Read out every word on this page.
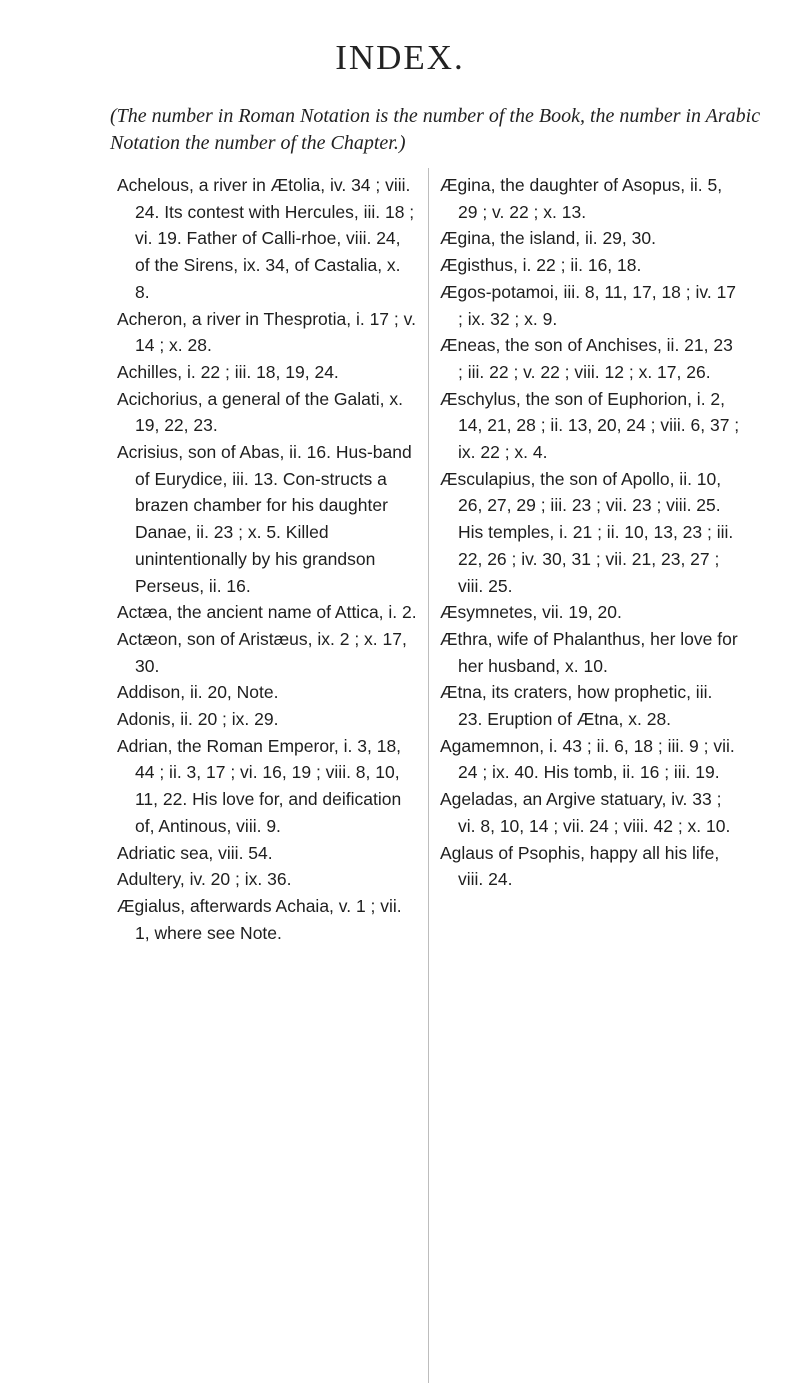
INDEX.
(The number in Roman Notation is the number of the Book, the number in Arabic Notation the number of the Chapter.)
Achelous, a river in Ætolia, iv. 34 ; viii. 24. Its contest with Hercules, iii. 18 ; vi. 19. Father of Calli-rhoe, viii. 24, of the Sirens, ix. 34, of Castalia, x. 8.
Acheron, a river in Thesprotia, i. 17 ; v. 14 ; x. 28.
Achilles, i. 22 ; iii. 18, 19, 24.
Acichorius, a general of the Galati, x. 19, 22, 23.
Acrisius, son of Abas, ii. 16. Hus-band of Eurydice, iii. 13. Con-structs a brazen chamber for his daughter Danae, ii. 23 ; x. 5. Killed unintentionally by his grandson Perseus, ii. 16.
Actæa, the ancient name of Attica, i. 2.
Actæon, son of Aristæus, ix. 2 ; x. 17, 30.
Addison, ii. 20, Note.
Adonis, ii. 20 ; ix. 29.
Adrian, the Roman Emperor, i. 3, 18, 44 ; ii. 3, 17 ; vi. 16, 19 ; viii. 8, 10, 11, 22. His love for, and deification of, Antinous, viii. 9.
Adriatic sea, viii. 54.
Adultery, iv. 20 ; ix. 36.
Ægialus, afterwards Achaia, v. 1 ; vii. 1, where see Note.
Ægina, the daughter of Asopus, ii. 5, 29 ; v. 22 ; x. 13.
Ægina, the island, ii. 29, 30.
Ægisthus, i. 22 ; ii. 16, 18.
Ægos-potamoi, iii. 8, 11, 17, 18 ; iv. 17 ; ix. 32 ; x. 9.
Æneas, the son of Anchises, ii. 21, 23 ; iii. 22 ; v. 22 ; viii. 12 ; x. 17, 26.
Æschylus, the son of Euphorion, i. 2, 14, 21, 28 ; ii. 13, 20, 24 ; viii. 6, 37 ; ix. 22 ; x. 4.
Æsculapius, the son of Apollo, ii. 10, 26, 27, 29 ; iii. 23 ; vii. 23 ; viii. 25. His temples, i. 21 ; ii. 10, 13, 23 ; iii. 22, 26 ; iv. 30, 31 ; vii. 21, 23, 27 ; viii. 25.
Æsymnetes, vii. 19, 20.
Æthra, wife of Phalanthus, her love for her husband, x. 10.
Ætna, its craters, how prophetic, iii. 23. Eruption of Ætna, x. 28.
Agamemnon, i. 43 ; ii. 6, 18 ; iii. 9 ; vii. 24 ; ix. 40. His tomb, ii. 16 ; iii. 19.
Ageladas, an Argive statuary, iv. 33 ; vi. 8, 10, 14 ; vii. 24 ; viii. 42 ; x. 10.
Aglaus of Psophis, happy all his life, viii. 24.
